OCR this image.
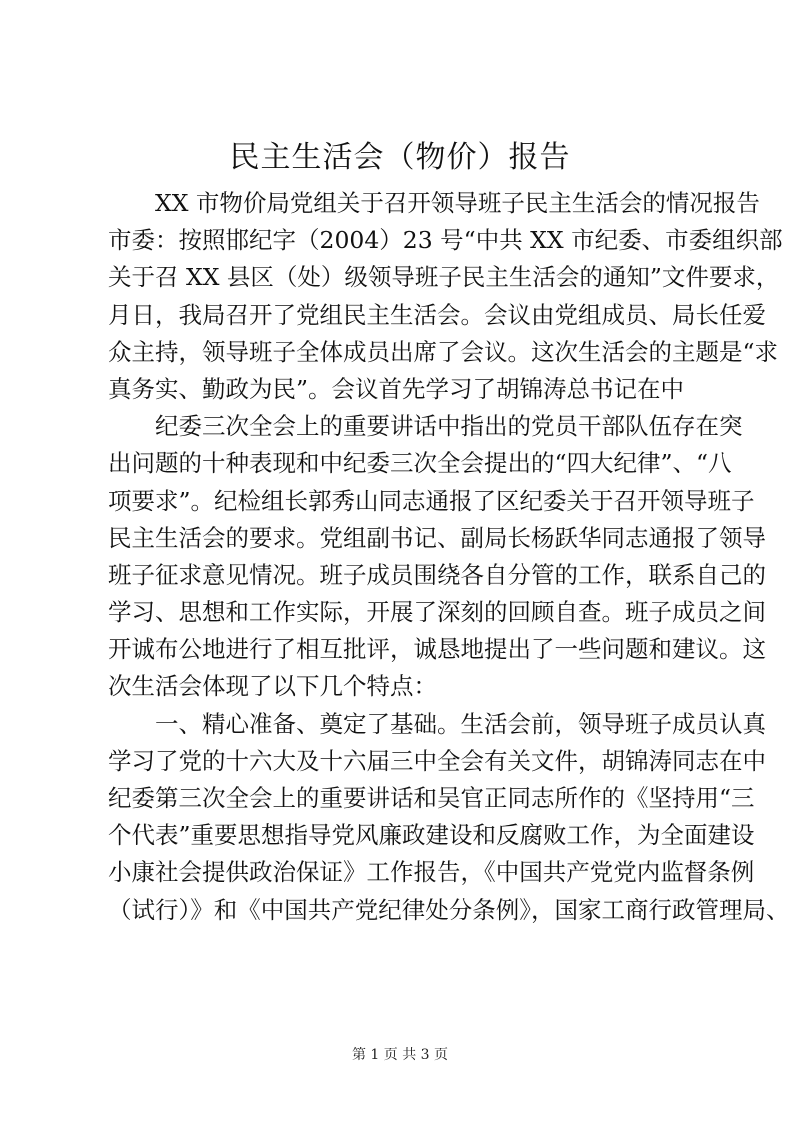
民主生活会（物价）报告
XX 市物价局党组关于召开领导班子民主生活会的情况报告
市委：按照邯纪字（2004）23 号“中共 XX 市纪委、市委组织部
关于召 XX 县区（处）级领导班子民主生活会的通知”文件要求，
月日，我局召开了党组民主生活会。会议由党组成员、局长任爱
众主持，领导班子全体成员出席了会议。这次生活会的主题是“求
真务实、勤政为民”。会议首先学习了胡锦涛总书记在中
纪委三次全会上的重要讲话中指出的党员干部队伍存在突
出问题的十种表现和中纪委三次全会提出的“四大纪律”、“八
项要求”。纪检组长郭秀山同志通报了区纪委关于召开领导班子
民主生活会的要求。党组副书记、副局长杨跃华同志通报了领导
班子征求意见情况。班子成员围绕各自分管的工作，联系自己的
学习、思想和工作实际，开展了深刻的回顾自查。班子成员之间
开诚布公地进行了相互批评，诚恳地提出了一些问题和建议。这
次生活会体现了以下几个特点：
一、精心准备、奠定了基础。生活会前，领导班子成员认真
学习了党的十六大及十六届三中全会有关文件，胡锦涛同志在中
纪委第三次全会上的重要讲话和吴官正同志所作的《坚持用“三
个代表”重要思想指导党风廉政建设和反腐败工作，为全面建设
小康社会提供政治保证》工作报告，《中国共产党党内监督条例
（试行）》和《中国共产党纪律处分条例》，国家工商行政管理局、
第 1 页 共 3 页
